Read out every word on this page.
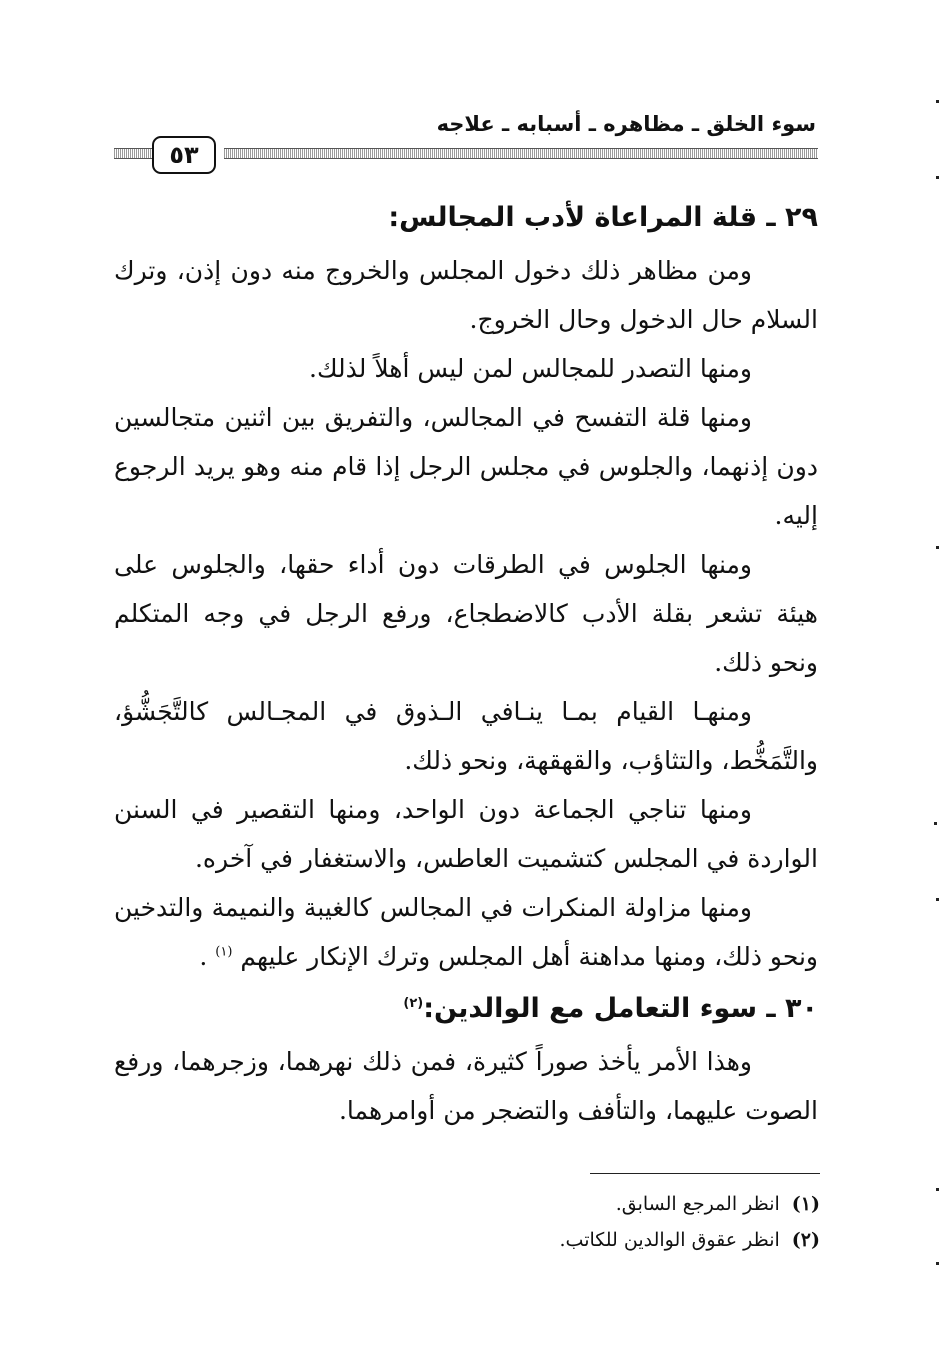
سوء الخلق ـ مظاهره ـ أسبابه ـ علاجه
٥٣
٢٩ ـ قلة المراعاة لأدب المجالس:

ومن مظاهر ذلك دخول المجلس والخروج منه دون إذن، وترك السلام حال الدخول وحال الخروج.

ومنها التصدر للمجالس لمن ليس أهلاً لذلك.

ومنها قلة التفسح في المجالس، والتفريق بين اثنين متجالسين دون إذنهما، والجلوس في مجلس الرجل إذا قام منه وهو يريد الرجوع إليه.

ومنها الجلوس في الطرقات دون أداء حقها، والجلوس على هيئة تشعر بقلة الأدب كالاضطجاع، ورفع الرجل في وجه المتكلم ونحو ذلك.

ومنهـا القيام بمـا ينـافي الـذوق في المجـالس كالتَّجَشُّؤ، والتَّمَخُّط، والتثاؤب، والقهقهة، ونحو ذلك.

ومنها تناجي الجماعة دون الواحد، ومنها التقصير في السنن الواردة في المجلس كتشميت العاطس، والاستغفار في آخره.

ومنها مزاولة المنكرات في المجالس كالغيبة والنميمة والتدخين ونحو ذلك، ومنها مداهنة أهل المجلس وترك الإنكار عليهم $^{(١)}$ .

٣٠ ـ سوء التعامل مع الوالدين:$^{(٢)}$

وهذا الأمر يأخذ صوراً كثيرة، فمن ذلك نهرهما، وزجرهما، ورفع الصوت عليهما، والتأفف والتضجر من أوامرهما.

(١)انظر المرجع السابق.
(٢)انظر عقوق الوالدين للكاتب.
